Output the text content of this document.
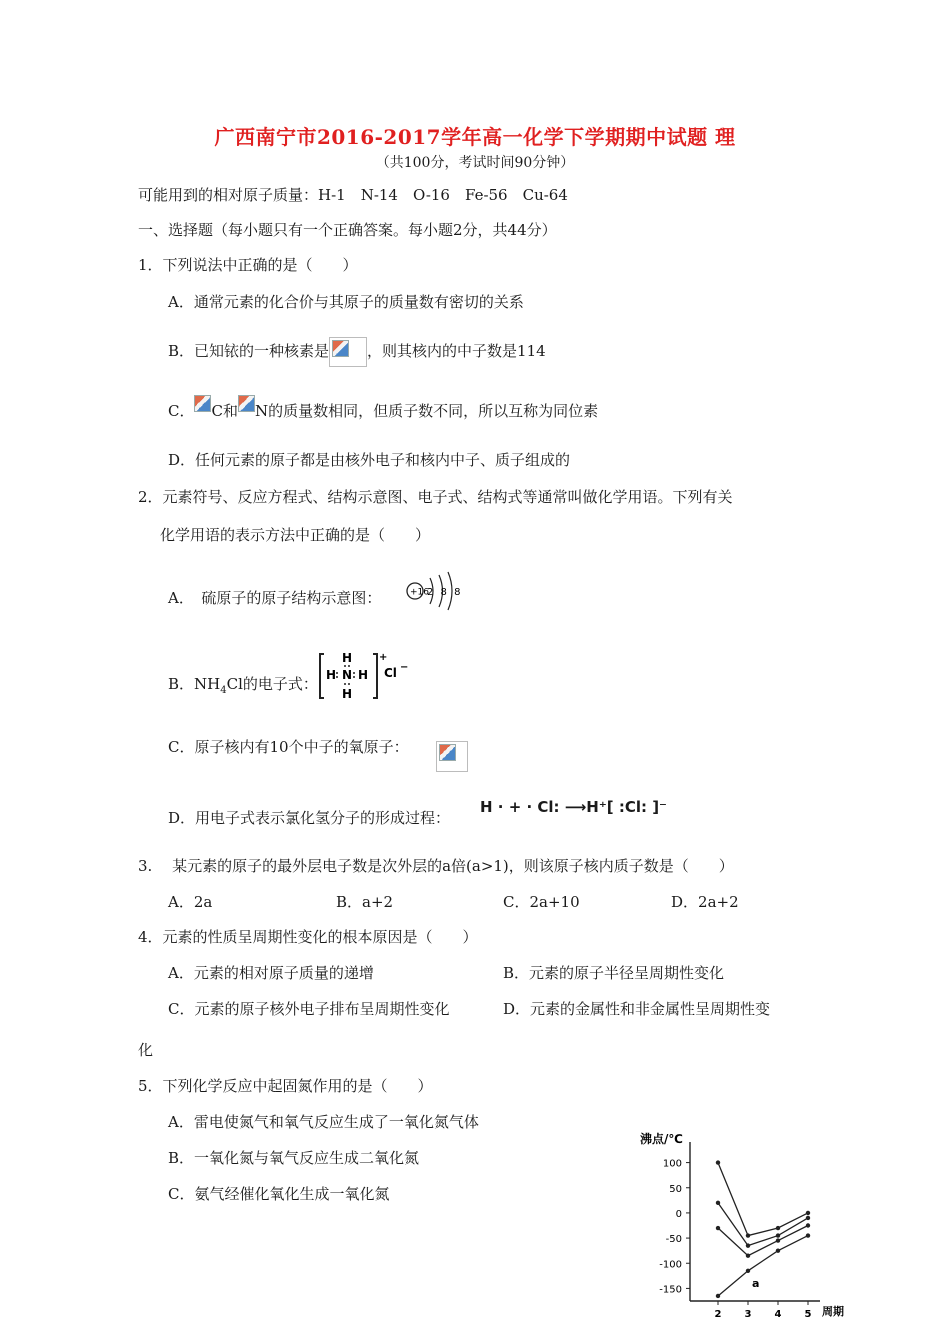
广西南宁市2016-2017学年高一化学下学期期中试题 理
（共100分，考试时间90分钟）
可能用到的相对原子质量：H-1　N-14　O-16　Fe-56　Cu-64
一、选择题（每小题只有一个正确答案。每小题2分，共44分）
1．下列说法中正确的是（　　）
A．通常元素的化合价与其原子的质量数有密切的关系
B．已知铱的一种核素是	，则其核内的中子数是114
C． C和 N的质量数相同，但质子数不同，所以互称为同位素
D．任何元素的原子都是由核外电子和核内中子、质子组成的
2．元素符号、反应方程式、结构示意图、电子式、结构式等通常叫做化学用语。下列有关
化学用语的表示方法中正确的是（　　）
A．　硫原子的原子结构示意图：	+16
2 8 8
B．$NH_4Cl$的电子式：
H
H N H
H
+
Cl −
C．原子核内有10个中子的氧原子：
D．用电子式表示氯化氢分子的形成过程：
H · + · Cl: ⟶H⁺[ :Cl: ]⁻
3.　 某元素的原子的最外层电子数是次外层的a倍(a>1)，则该原子核内质子数是（　　）
A．2a	B．a+2	C．2a+10	D．2a+2
4．元素的性质呈周期性变化的根本原因是（　　）
A．元素的相对原子质量的递增	B．元素的原子半径呈周期性变化
C．元素的原子核外电子排布呈周期性变化	D．元素的金属性和非金属性呈周期性变
化
5．下列化学反应中起固氮作用的是（　　）
A．雷电使氮气和氧气反应生成了一氧化氮气体
B．一氧化氮与氧气反应生成二氧化氮
C．氨气经催化氧化生成一氧化氮
沸点/℃
周期
100
50
0
-50
-100
-150
2 3 4 5
a
